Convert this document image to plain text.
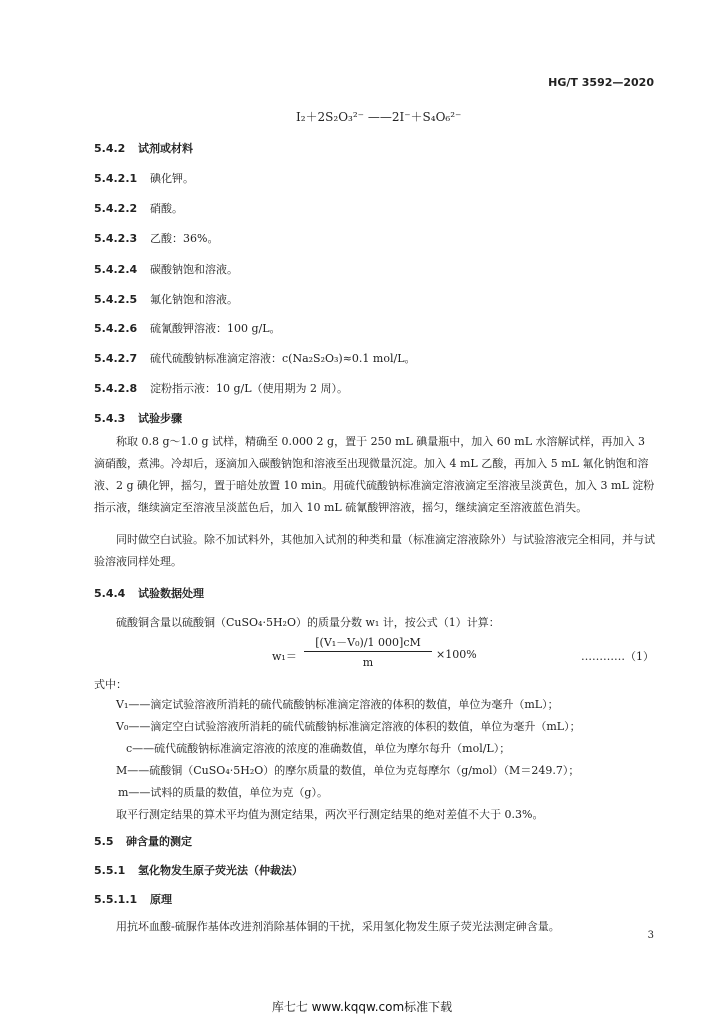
HG/T 3592—2020
I₂＋2S₂O₃²⁻ ——2I⁻＋S₄O₆²⁻
5.4.2 试剂或材料
5.4.2.1 碘化钾。
5.4.2.2 硝酸。
5.4.2.3 乙酸：36%。
5.4.2.4 碳酸钠饱和溶液。
5.4.2.5 氟化钠饱和溶液。
5.4.2.6 硫氰酸钾溶液：100 g/L。
5.4.2.7 硫代硫酸钠标准滴定溶液：c(Na₂S₂O₃)≈0.1 mol/L。
5.4.2.8 淀粉指示液：10 g/L（使用期为 2 周）。
5.4.3 试验步骤
称取 0.8 g～1.0 g 试样，精确至 0.000 2 g，置于 250 mL 碘量瓶中，加入 60 mL 水溶解试样，再加入 3 滴硝酸，煮沸。冷却后，逐滴加入碳酸钠饱和溶液至出现微量沉淀。加入 4 mL 乙酸，再加入 5 mL 氟化钠饱和溶液、2 g 碘化钾，摇匀，置于暗处放置 10 min。用硫代硫酸钠标准滴定溶液滴定至溶液呈淡黄色，加入 3 mL 淀粉指示液，继续滴定至溶液呈淡蓝色后，加入 10 mL 硫氰酸钾溶液，摇匀，继续滴定至溶液蓝色消失。
同时做空白试验。除不加试料外，其他加入试剂的种类和量（标准滴定溶液除外）与试验溶液完全相同，并与试验溶液同样处理。
5.4.4 试验数据处理
硫酸铜含量以硫酸铜（CuSO₄·5H₂O）的质量分数 w₁ 计，按公式（1）计算：
w₁＝
[(V₁－V₀)/1 000]cM
m
×100%	…………（1）
式中：
V₁——滴定试验溶液所消耗的硫代硫酸钠标准滴定溶液的体积的数值，单位为毫升（mL）；
V₀——滴定空白试验溶液所消耗的硫代硫酸钠标准滴定溶液的体积的数值，单位为毫升（mL）；
c——硫代硫酸钠标准滴定溶液的浓度的准确数值，单位为摩尔每升（mol/L）；
M——硫酸铜（CuSO₄·5H₂O）的摩尔质量的数值，单位为克每摩尔（g/mol）（M＝249.7）；
m——试料的质量的数值，单位为克（g）。
取平行测定结果的算术平均值为测定结果，两次平行测定结果的绝对差值不大于 0.3%。
5.5 砷含量的测定
5.5.1 氢化物发生原子荧光法（仲裁法）
5.5.1.1 原理
用抗坏血酸-硫脲作基体改进剂消除基体铜的干扰，采用氢化物发生原子荧光法测定砷含量。
3
库七七 www.kqqw.com标准下载
